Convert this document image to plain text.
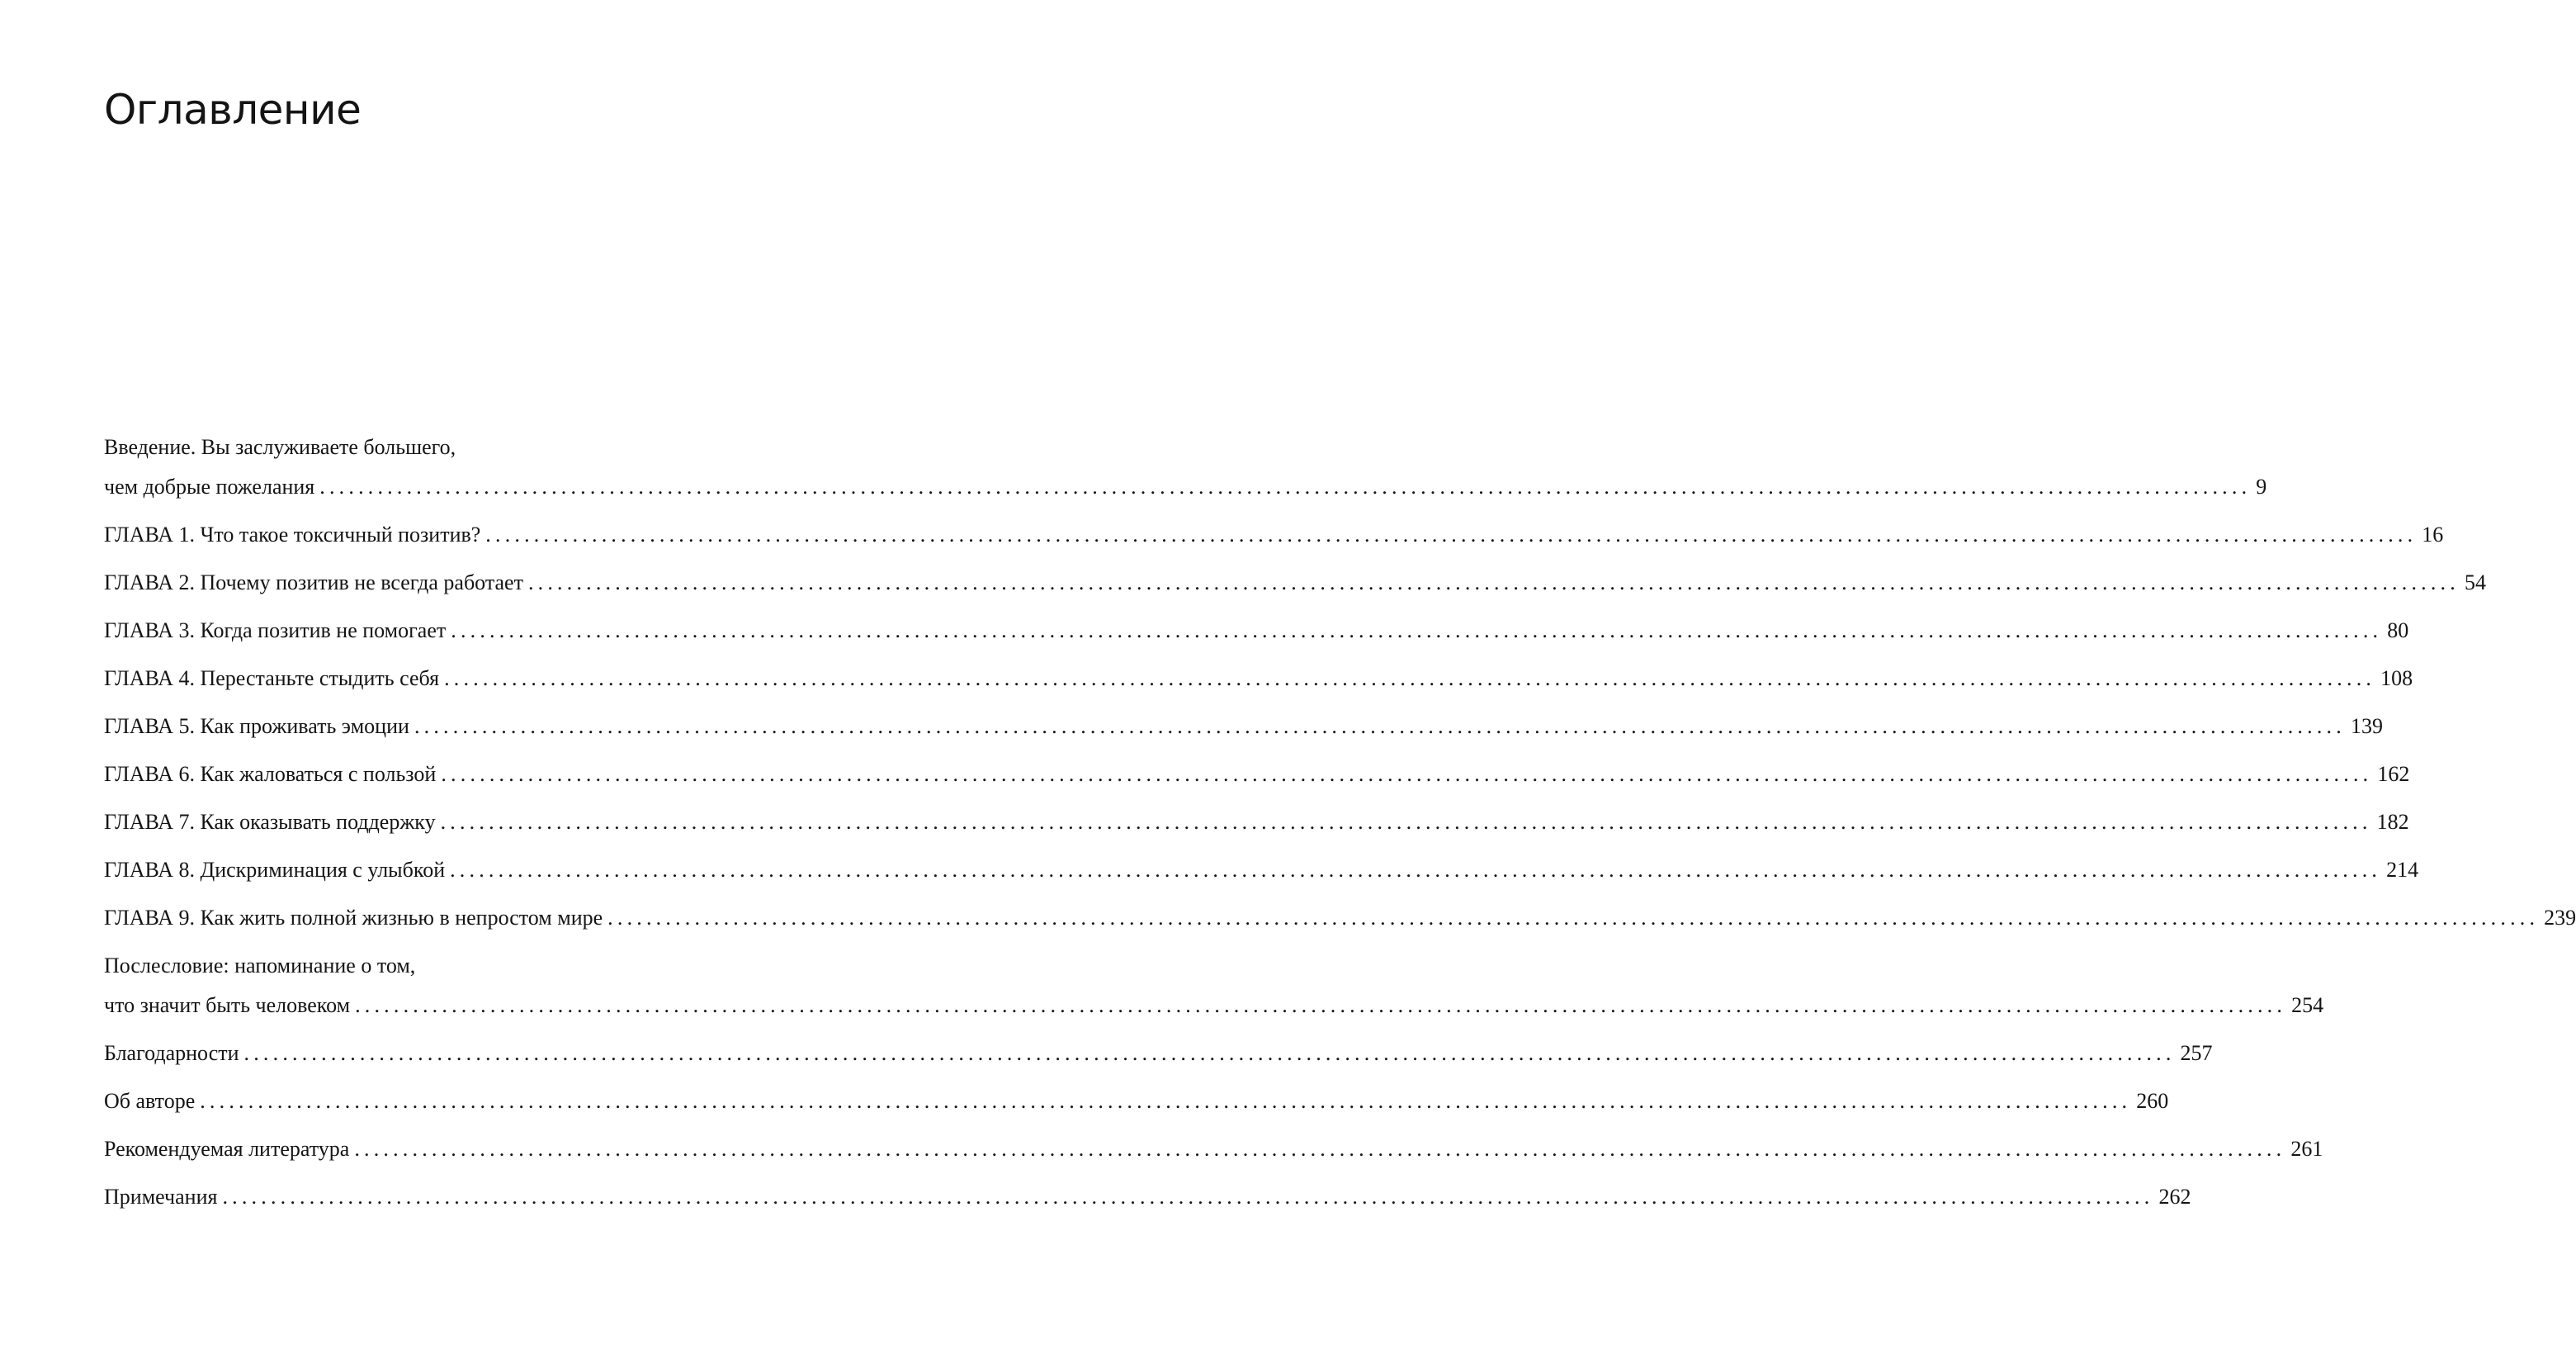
Оглавление
Введение. Вы заслуживаете большего,
чем добрые пожелания ........................................................................................................................................................................................................ 9
ГЛАВА 1. Что такое токсичный позитив? ........................................................................................................................................................................................................ 16
ГЛАВА 2. Почему позитив не всегда работает ........................................................................................................................................................................................................ 54
ГЛАВА 3. Когда позитив не помогает ........................................................................................................................................................................................................ 80
ГЛАВА 4. Перестаньте стыдить себя ........................................................................................................................................................................................................ 108
ГЛАВА 5. Как проживать эмоции ........................................................................................................................................................................................................ 139
ГЛАВА 6. Как жаловаться с пользой ........................................................................................................................................................................................................ 162
ГЛАВА 7. Как оказывать поддержку ........................................................................................................................................................................................................ 182
ГЛАВА 8. Дискриминация с улыбкой ........................................................................................................................................................................................................ 214
ГЛАВА 9. Как жить полной жизнью в непростом мире ........................................................................................................................................................................................................ 239
Послесловие: напоминание о том,
что значит быть человеком ........................................................................................................................................................................................................ 254
Благодарности ........................................................................................................................................................................................................ 257
Об авторе ........................................................................................................................................................................................................ 260
Рекомендуемая литература ........................................................................................................................................................................................................ 261
Примечания ........................................................................................................................................................................................................ 262
